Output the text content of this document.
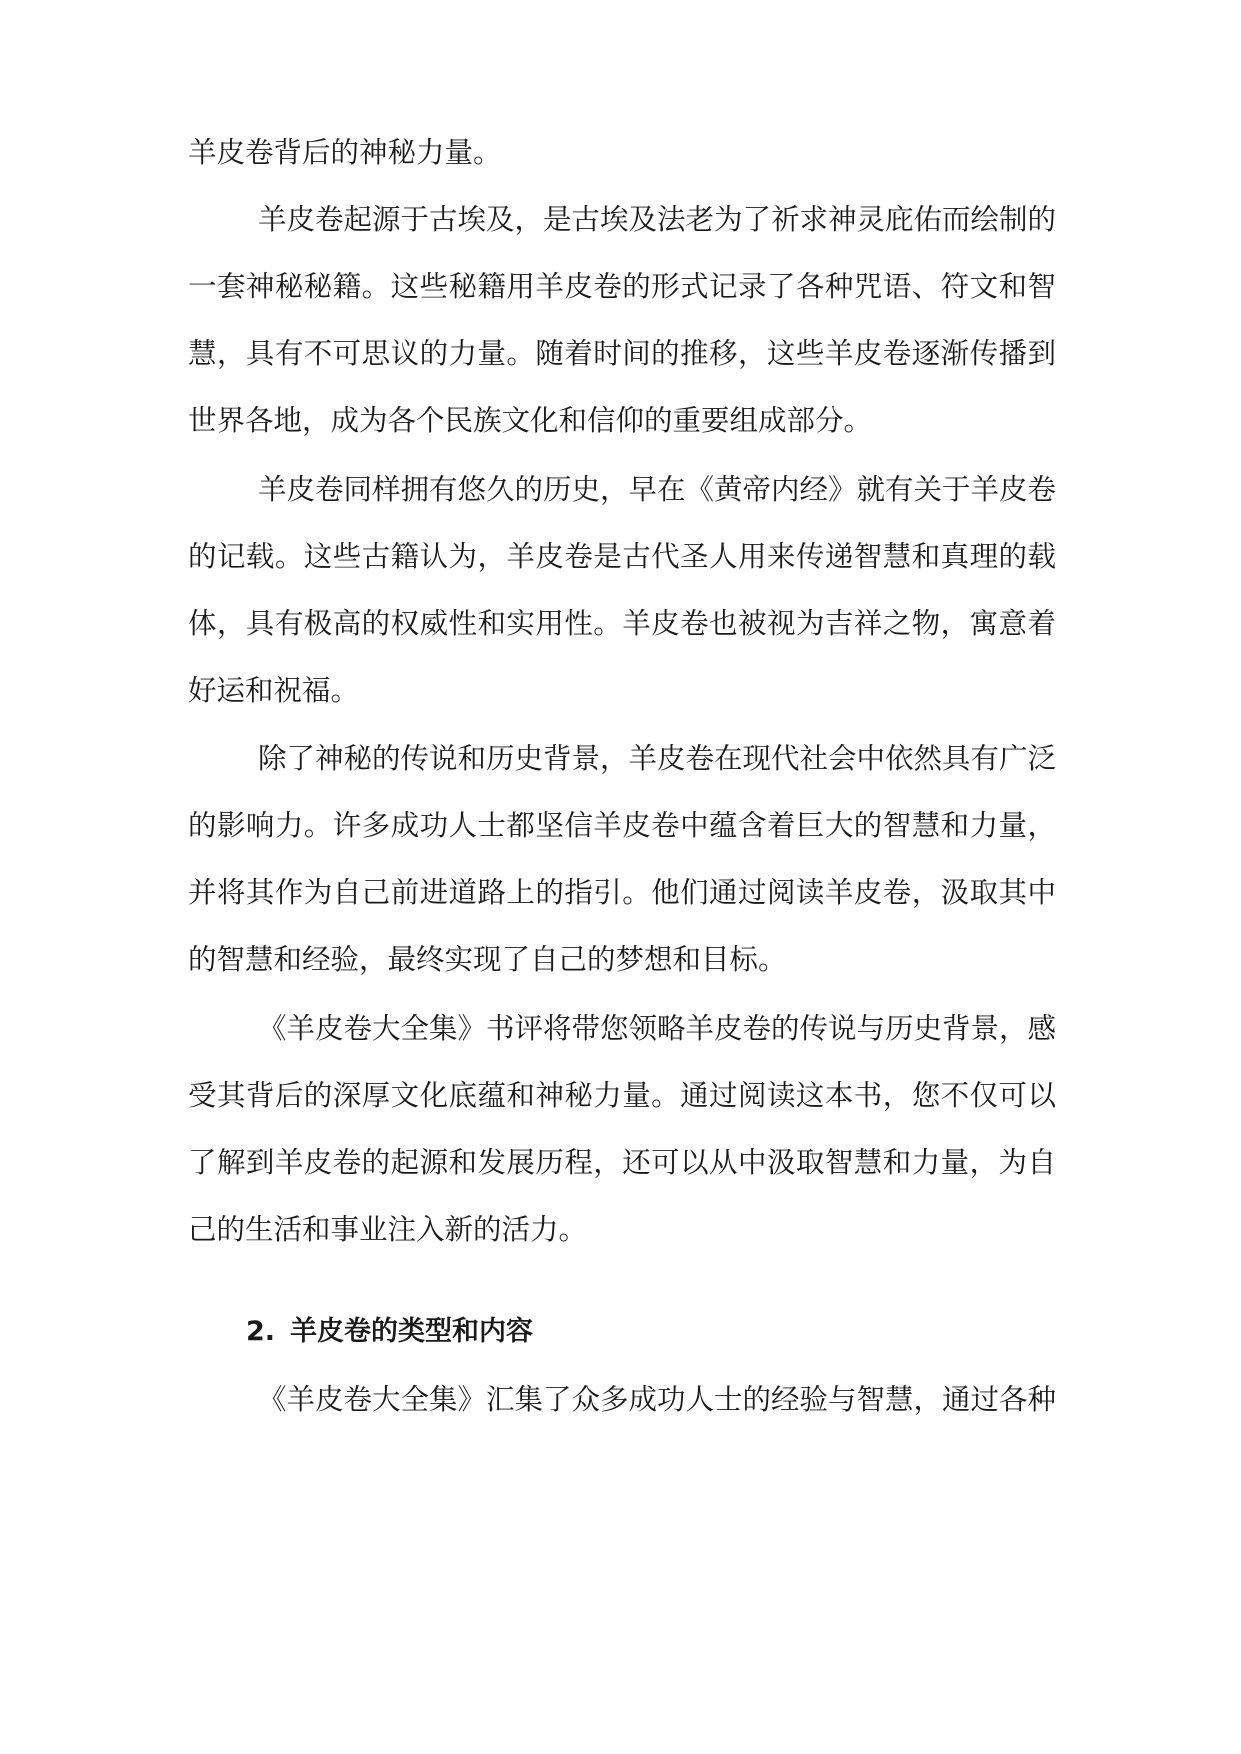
羊皮卷背后的神秘力量。
羊皮卷起源于古埃及，是古埃及法老为了祈求神灵庇佑而绘制的
一套神秘秘籍。这些秘籍用羊皮卷的形式记录了各种咒语、符文和智
慧，具有不可思议的力量。随着时间的推移，这些羊皮卷逐渐传播到
世界各地，成为各个民族文化和信仰的重要组成部分。
羊皮卷同样拥有悠久的历史，早在《黄帝内经》就有关于羊皮卷
的记载。这些古籍认为，羊皮卷是古代圣人用来传递智慧和真理的载
体，具有极高的权威性和实用性。羊皮卷也被视为吉祥之物，寓意着
好运和祝福。
除了神秘的传说和历史背景，羊皮卷在现代社会中依然具有广泛
的影响力。许多成功人士都坚信羊皮卷中蕴含着巨大的智慧和力量，
并将其作为自己前进道路上的指引。他们通过阅读羊皮卷，汲取其中
的智慧和经验，最终实现了自己的梦想和目标。
《羊皮卷大全集》书评将带您领略羊皮卷的传说与历史背景，感
受其背后的深厚文化底蕴和神秘力量。通过阅读这本书，您不仅可以
了解到羊皮卷的起源和发展历程，还可以从中汲取智慧和力量，为自
己的生活和事业注入新的活力。
2. 羊皮卷的类型和内容
《羊皮卷大全集》汇集了众多成功人士的经验与智慧，通过各种
